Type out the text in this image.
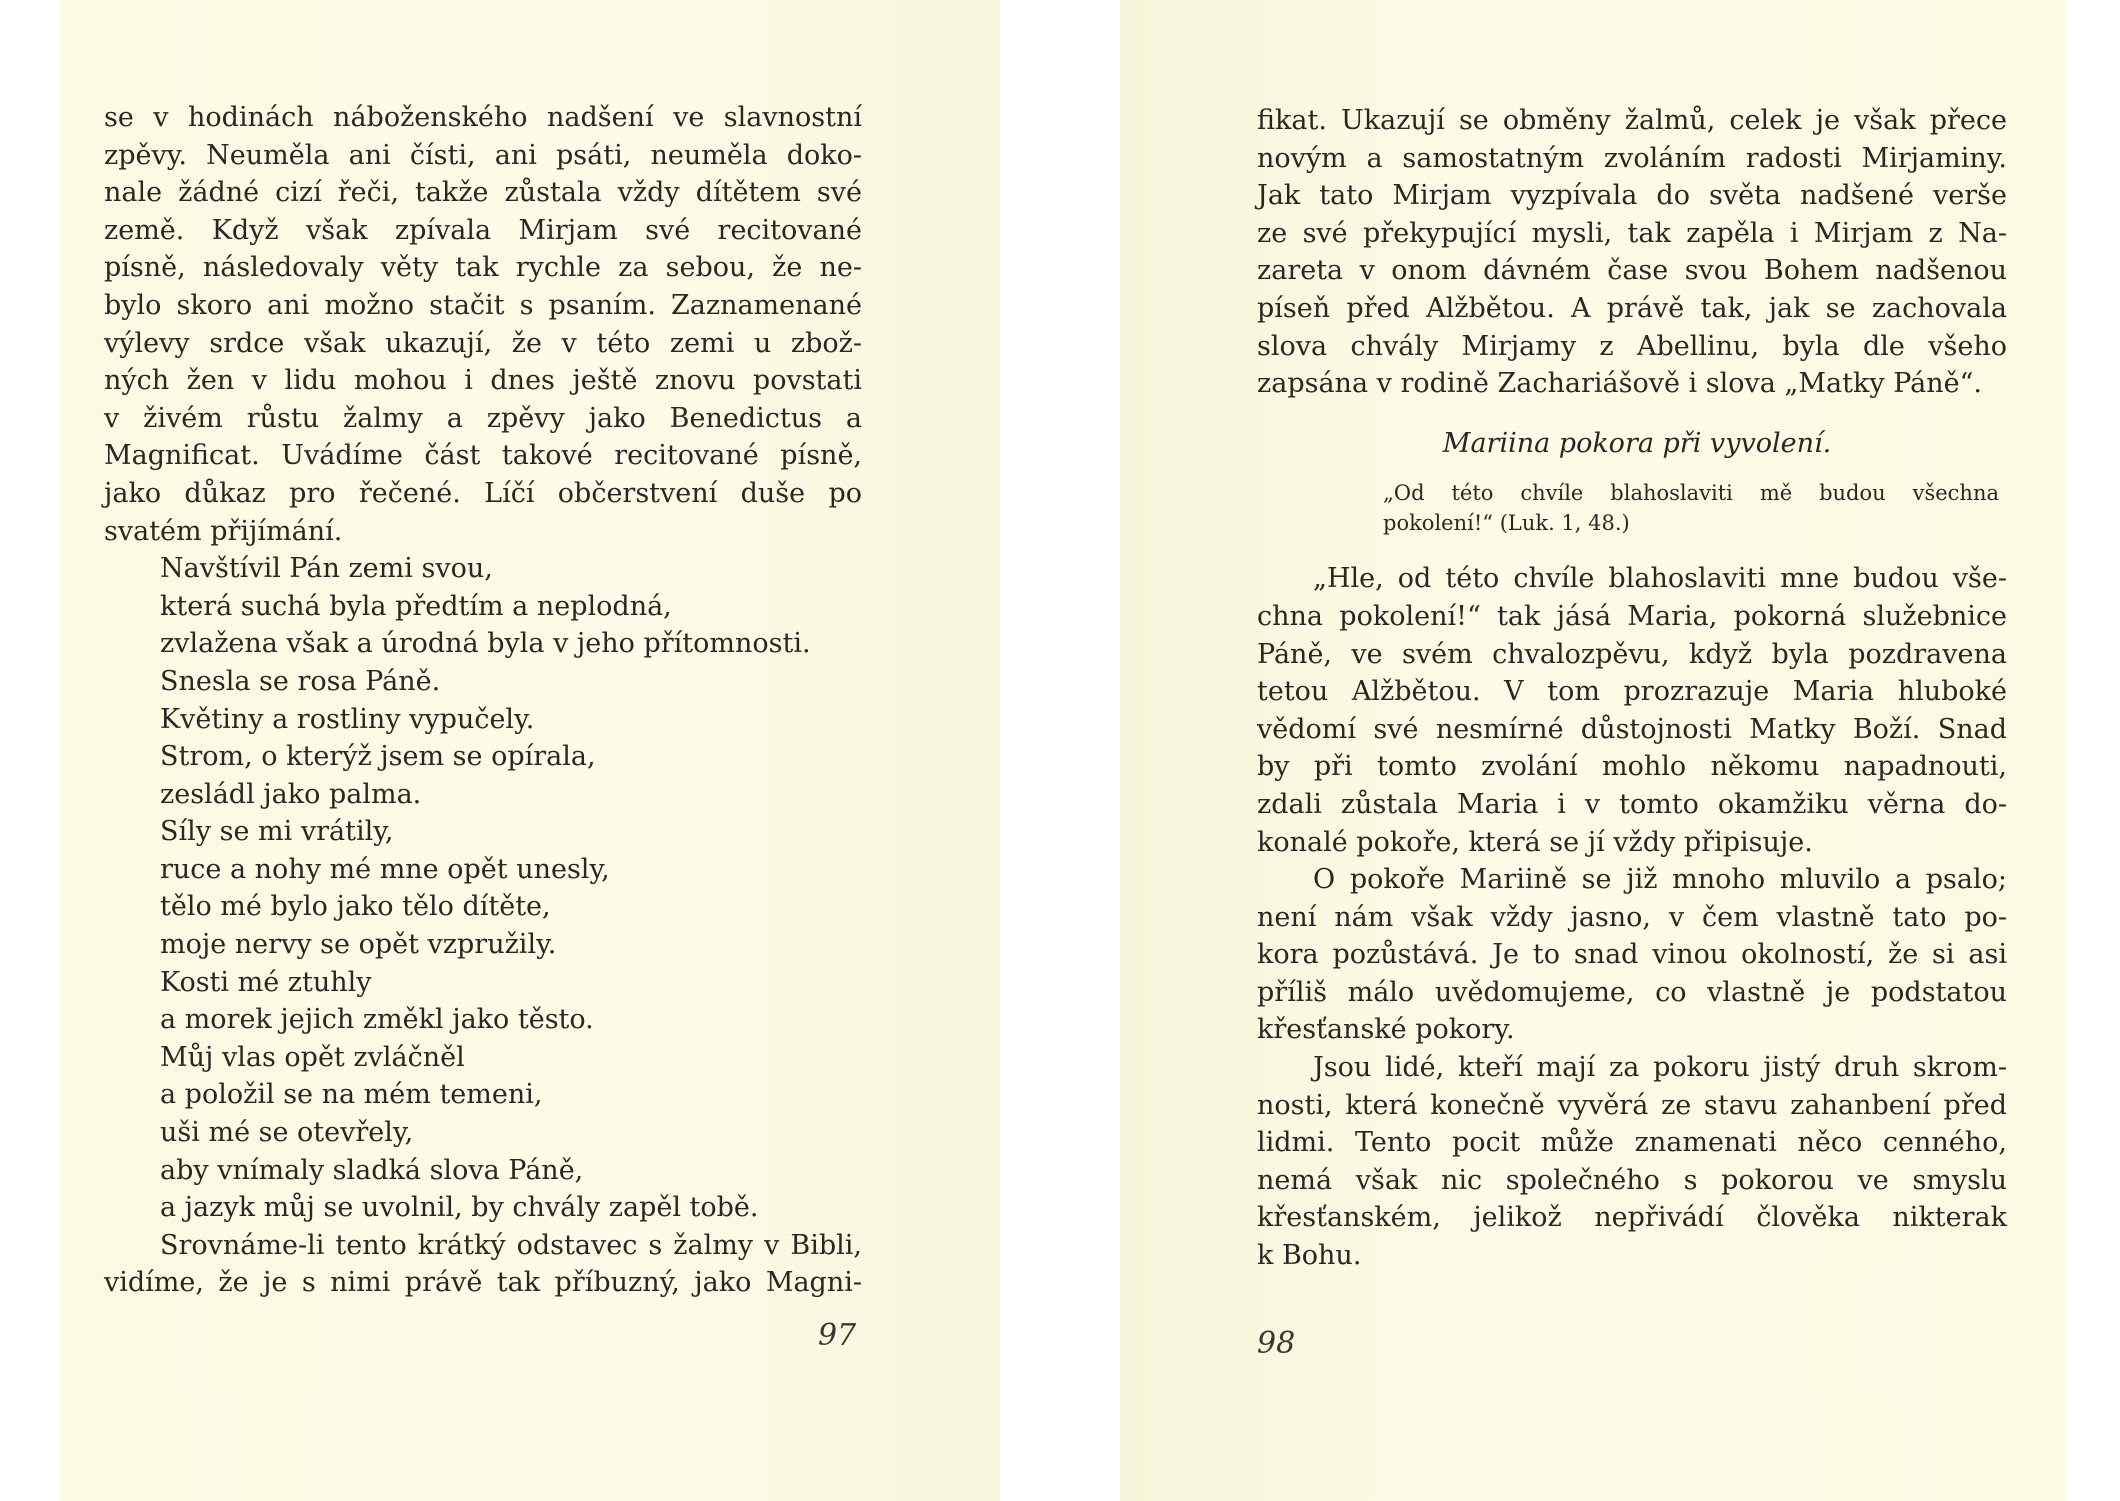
se v hodinách náboženského nadšení ve slavnostní
zpěvy. Neuměla ani čísti, ani psáti, neuměla doko-
nale žádné cizí řeči, takže zůstala vždy dítětem své
země. Když však zpívala Mirjam své recitované
písně, následovaly věty tak rychle za sebou, že ne-
bylo skoro ani možno stačit s psaním. Zaznamenané
výlevy srdce však ukazují, že v této zemi u zbož-
ných žen v lidu mohou i dnes ještě znovu povstati
v živém růstu žalmy a zpěvy jako Benedictus a
Magnificat. Uvádíme část takové recitované písně,
jako důkaz pro řečené. Líčí občerstvení duše po
svatém přijímání.
Navštívil Pán zemi svou,
která suchá byla předtím a neplodná,
zvlažena však a úrodná byla v jeho přítomnosti.
Snesla se rosa Páně.
Květiny a rostliny vypučely.
Strom, o kterýž jsem se opírala,
zesládl jako palma.
Síly se mi vrátily,
ruce a nohy mé mne opět unesly,
tělo mé bylo jako tělo dítěte,
moje nervy se opět vzpružily.
Kosti mé ztuhly
a morek jejich změkl jako těsto.
Můj vlas opět zvláčněl
a položil se na mém temeni,
uši mé se otevřely,
aby vnímaly sladká slova Páně,
a jazyk můj se uvolnil, by chvály zapěl tobě.
Srovnáme-li tento krátký odstavec s žalmy v Bibli,
vidíme, že je s nimi právě tak příbuzný, jako Magni-
97
fikat. Ukazují se obměny žalmů, celek je však přece
novým a samostatným zvoláním radosti Mirjaminy.
Jak tato Mirjam vyzpívala do světa nadšené verše
ze své překypující mysli, tak zapěla i Mirjam z Na-
zareta v onom dávném čase svou Bohem nadšenou
píseň před Alžbětou. A právě tak, jak se zachovala
slova chvály Mirjamy z Abellinu, byla dle všeho
zapsána v rodině Zachariášově i slova „Matky Páně“.
Mariina pokora při vyvolení.
„Od této chvíle blahoslaviti mě budou všechna
pokolení!“ (Luk. 1, 48.)
„Hle, od této chvíle blahoslaviti mne budou vše-
chna pokolení!“ tak jásá Maria, pokorná služebnice
Páně, ve svém chvalozpěvu, když byla pozdravena
tetou Alžbětou. V tom prozrazuje Maria hluboké
vědomí své nesmírné důstojnosti Matky Boží. Snad
by při tomto zvolání mohlo někomu napadnouti,
zdali zůstala Maria i v tomto okamžiku věrna do-
konalé pokoře, která se jí vždy připisuje.
O pokoře Mariině se již mnoho mluvilo a psalo;
není nám však vždy jasno, v čem vlastně tato po-
kora pozůstává. Je to snad vinou okolností, že si asi
příliš málo uvědomujeme, co vlastně je podstatou
křesťanské pokory.
Jsou lidé, kteří mají za pokoru jistý druh skrom-
nosti, která konečně vyvěrá ze stavu zahanbení před
lidmi. Tento pocit může znamenati něco cenného,
nemá však nic společného s pokorou ve smyslu
křesťanském, jelikož nepřivádí člověka nikterak
k Bohu.
98
